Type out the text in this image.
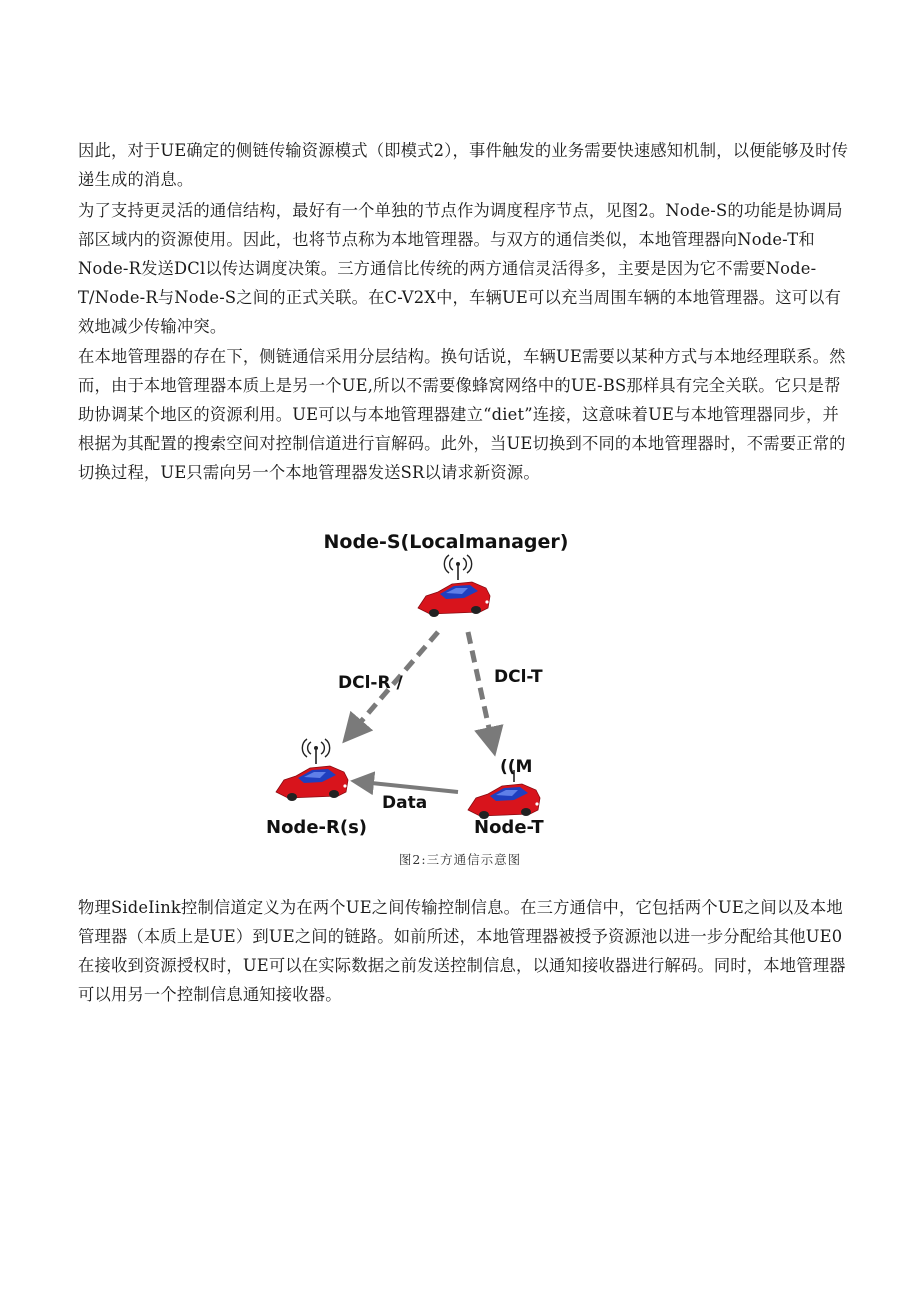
因此，对于UE确定的侧链传输资源模式（即模式2），事件触发的业务需要快速感知机制，以便能够及时传递生成的消息。

为了支持更灵活的通信结构，最好有一个单独的节点作为调度程序节点，见图2。Node-S的功能是协调局部区域内的资源使用。因此，也将节点称为本地管理器。与双方的通信类似，本地管理器向Node-T和Node-R发送DCl以传达调度决策。三方通信比传统的两方通信灵活得多，主要是因为它不需要Node-T/Node-R与Node-S之间的正式关联。在C-V2X中，车辆UE可以充当周围车辆的本地管理器。这可以有效地减少传输冲突。

在本地管理器的存在下，侧链通信采用分层结构。换句话说，车辆UE需要以某种方式与本地经理联系。然而，由于本地管理器本质上是另一个UE,所以不需要像蜂窝网络中的UE-BS那样具有完全关联。它只是帮助协调某个地区的资源利用。UE可以与本地管理器建立“diet”连接，这意味着UE与本地管理器同步，并根据为其配置的搜索空间对控制信道进行盲解码。此外，当UE切换到不同的本地管理器时，不需要正常的切换过程，UE只需向另一个本地管理器发送SR以请求新资源。

Node-S(Localmanager)
DCl-R /	DCl-T
Data
((M
Node-R(s)	Node-T
图2:三方通信示意图

物理SideIink控制信道定义为在两个UE之间传输控制信息。在三方通信中，它包括两个UE之间以及本地管理器（本质上是UE）到UE之间的链路。如前所述，本地管理器被授予资源池以进一步分配给其他UE0在接收到资源授权时，UE可以在实际数据之前发送控制信息，以通知接收器进行解码。同时，本地管理器可以用另一个控制信息通知接收器。
